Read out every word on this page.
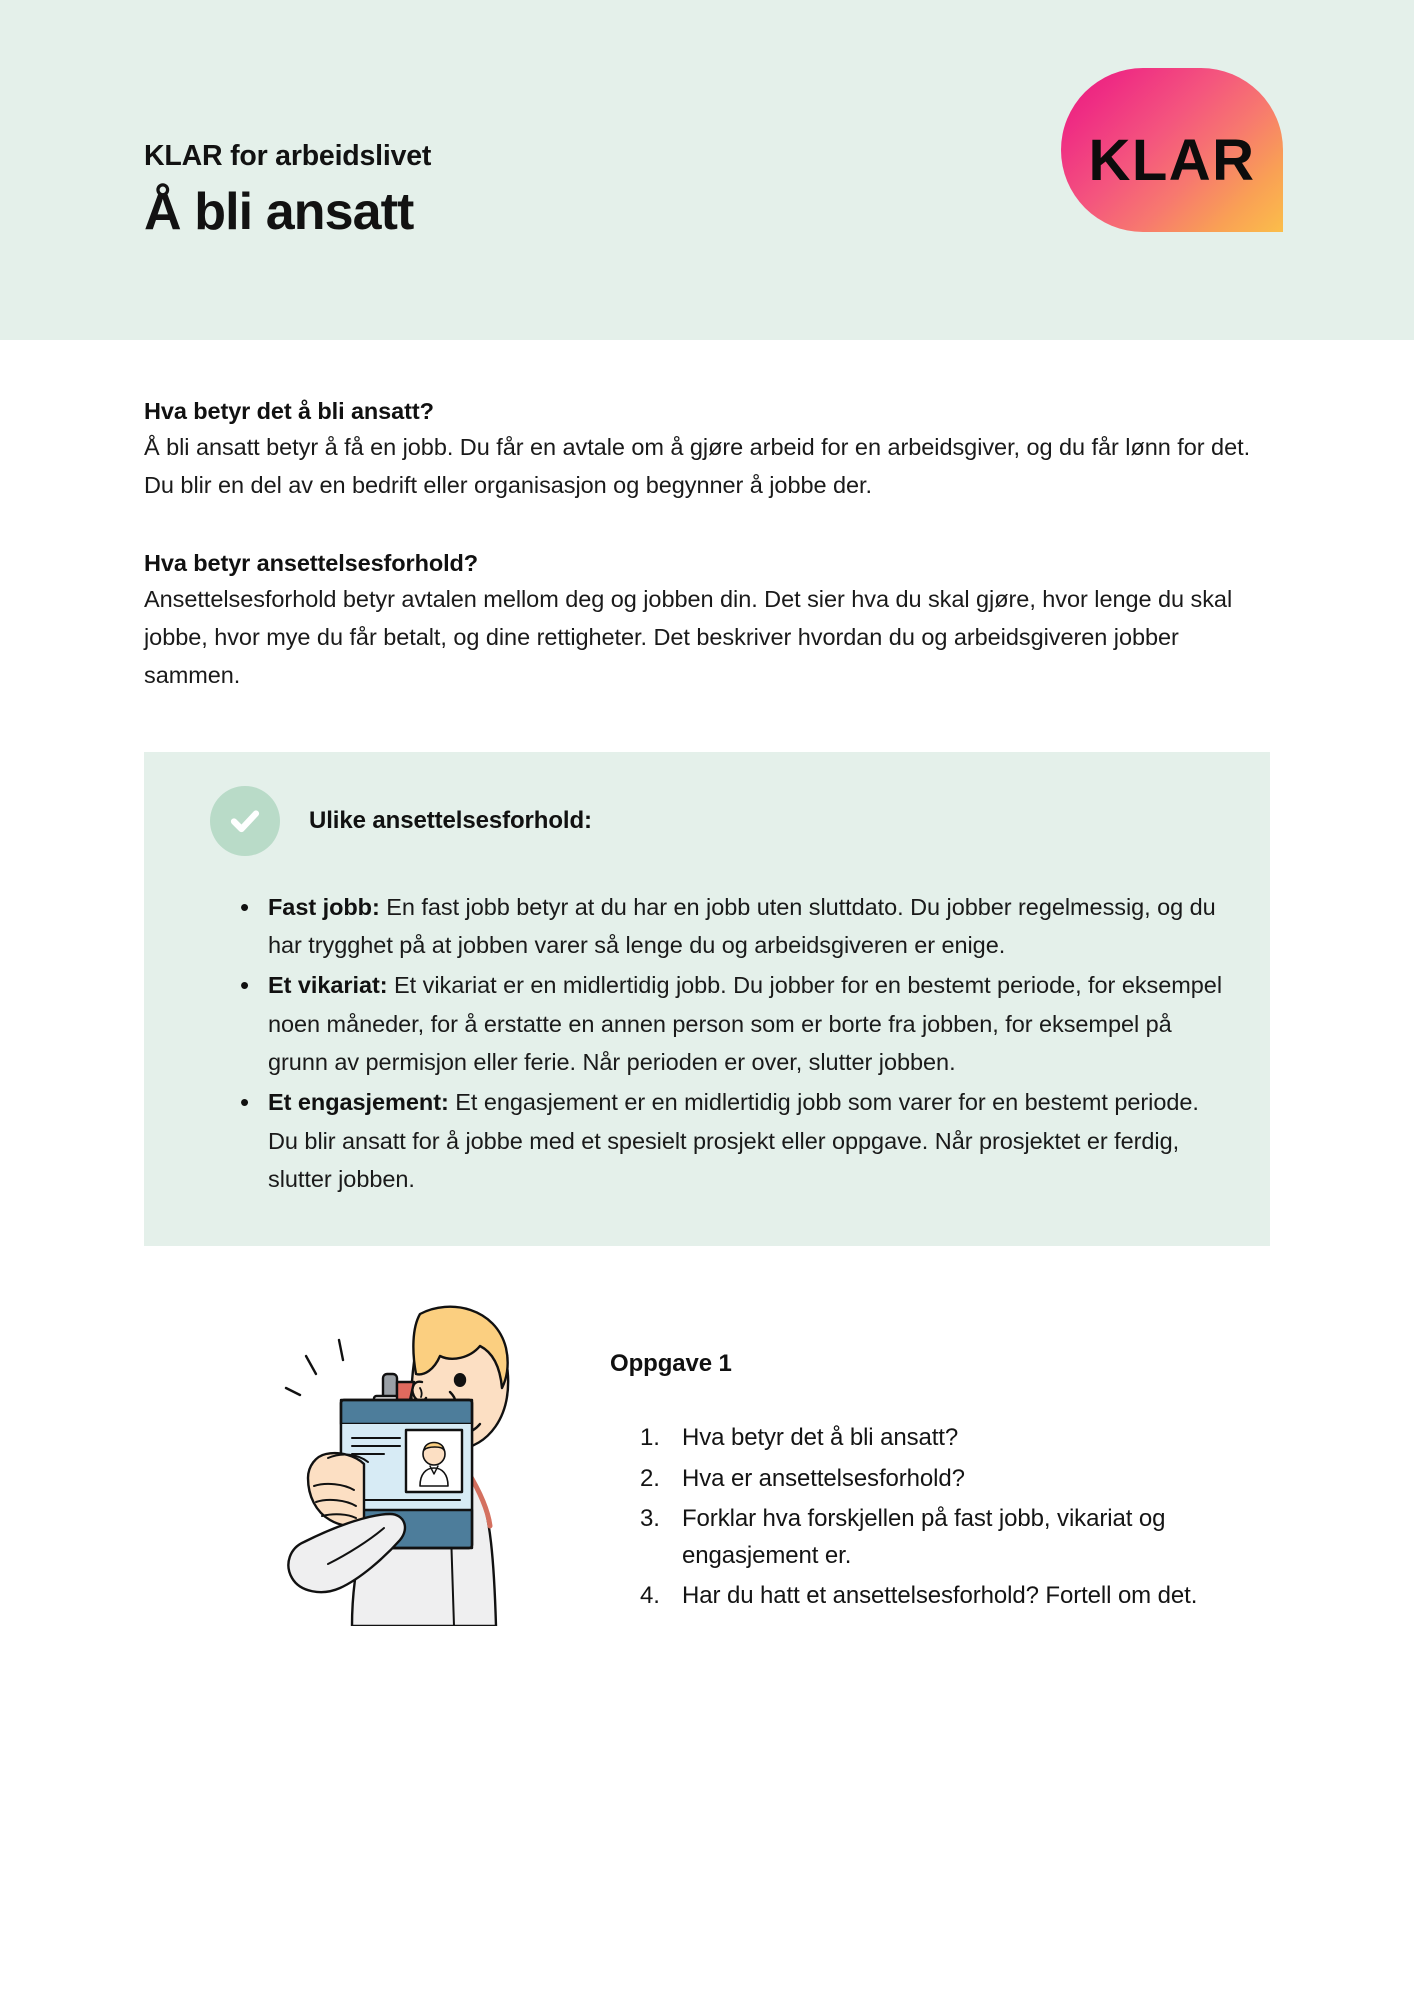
KLAR for arbeidslivet
Å bli ansatt
KLAR
Hva betyr det å bli ansatt?

Å bli ansatt betyr å få en jobb. Du får en avtale om å gjøre arbeid for en arbeidsgiver, og du får lønn for det. Du blir en del av en bedrift eller organisasjon og begynner å jobbe der.

Hva betyr ansettelsesforhold?

Ansettelsesforhold betyr avtalen mellom deg og jobben din. Det sier hva du skal gjøre, hvor lenge du skal jobbe, hvor mye du får betalt, og dine rettigheter. Det beskriver hvordan du og arbeidsgiveren jobber sammen.

Ulike ansettelsesforhold:
• Fast jobb: En fast jobb betyr at du har en jobb uten sluttdato. Du jobber regelmessig, og du har trygghet på at jobben varer så lenge du og arbeidsgiveren er enige.
• Et vikariat: Et vikariat er en midlertidig jobb. Du jobber for en bestemt periode, for eksempel noen måneder, for å erstatte en annen person som er borte fra jobben, for eksempel på grunn av permisjon eller ferie. Når perioden er over, slutter jobben.
• Et engasjement: Et engasjement er en midlertidig jobb som varer for en bestemt periode. Du blir ansatt for å jobbe med et spesielt prosjekt eller oppgave. Når prosjektet er ferdig, slutter jobben.
Oppgave 1
Hva betyr det å bli ansatt?
Hva er ansettelsesforhold?
Forklar hva forskjellen på fast jobb, vikariat og engasjement er.
Har du hatt et ansettelsesforhold? Fortell om det.
